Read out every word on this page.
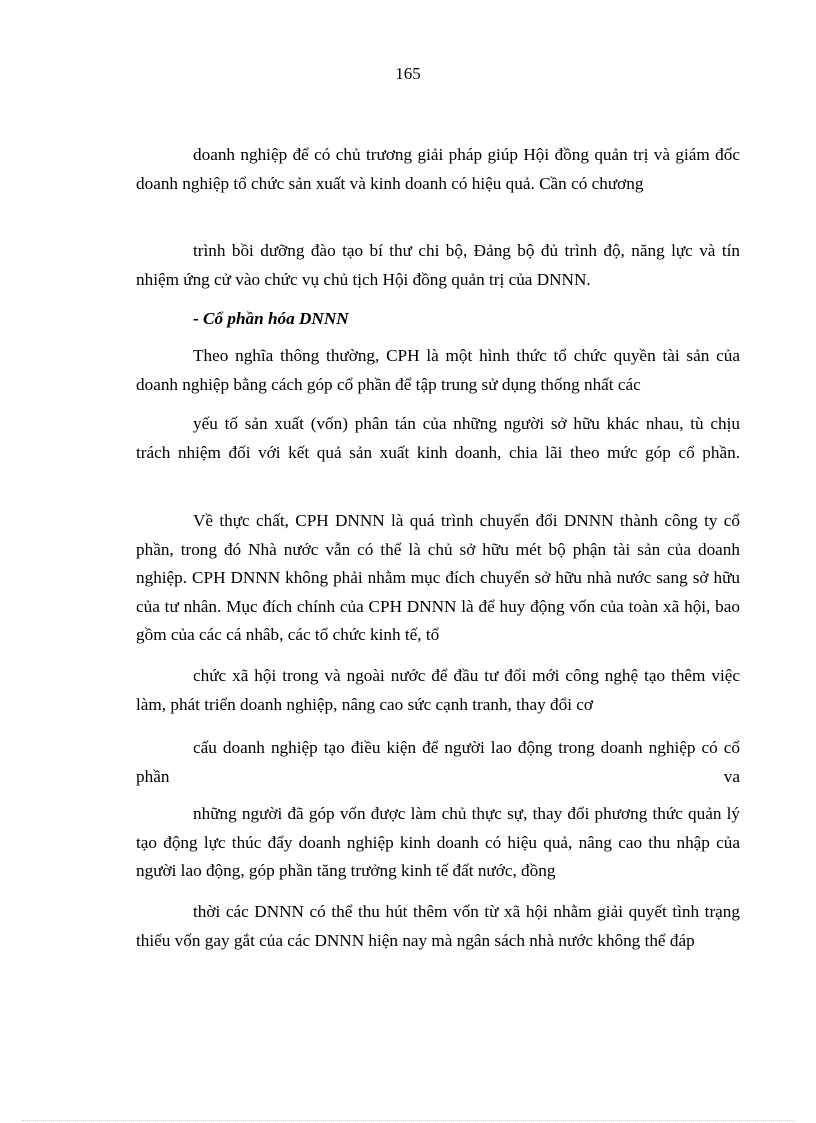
165
doanh nghiệp để có chủ trương giải pháp giúp Hội đồng quản trị và giám đốc doanh nghiệp tổ chức sản xuất và kinh doanh có hiệu quả. Cần có chương
trình bồi dưỡng đào tạo bí thư chi bộ, Đảng bộ đủ trình độ, năng lực và tín nhiệm ứng cử vào chức vụ chủ tịch Hội đồng quản trị của DNNN.
- Cổ phần hóa DNNN
Theo nghĩa thông thường, CPH là một hình thức tổ chức quyền tài sản của doanh nghiệp bằng cách góp cổ phần để tập trung sử dụng thống nhất các
yếu tố sản xuất (vốn) phân tán của những người sở hữu khác nhau, tù chịu trách nhiệm đối với kết quả sản xuất kinh doanh, chia lãi theo mức góp cổ phần.
Về thực chất, CPH DNNN là quá trình chuyển đổi DNNN thành công ty cổ phần, trong đó Nhà nước vẫn có thể là chủ sở hữu mét bộ phận tài sản của doanh nghiệp. CPH DNNN không phải nhằm mục đích chuyển sở hữu nhà nước sang sở hữu của tư nhân. Mục đích chính của CPH DNNN là để huy động vốn của toàn xã hội, bao gồm của các cá nhâb, các tổ chức kinh tế, tổ
chức xã hội trong và ngoài nước để đầu tư đổi mới công nghệ tạo thêm việc làm, phát triển doanh nghiệp, nâng cao sức cạnh tranh, thay đổi cơ
cấu doanh nghiệp tạo điều kiện để người lao động trong doanh nghiệp có cổ phần va
những người đã góp vốn được làm chủ thực sự, thay đổi phương thức quản lý tạo động lực thúc đẩy doanh nghiệp kinh doanh có hiệu quả, nâng cao thu nhập của người lao động, góp phần tăng trưởng kinh tế đất nước, đồng
thời các DNNN có thể thu hút thêm vốn từ xã hội nhằm giải quyết tình trạng thiếu vốn gay gắt của các DNNN hiện nay mà ngân sách nhà nước không thể đáp
